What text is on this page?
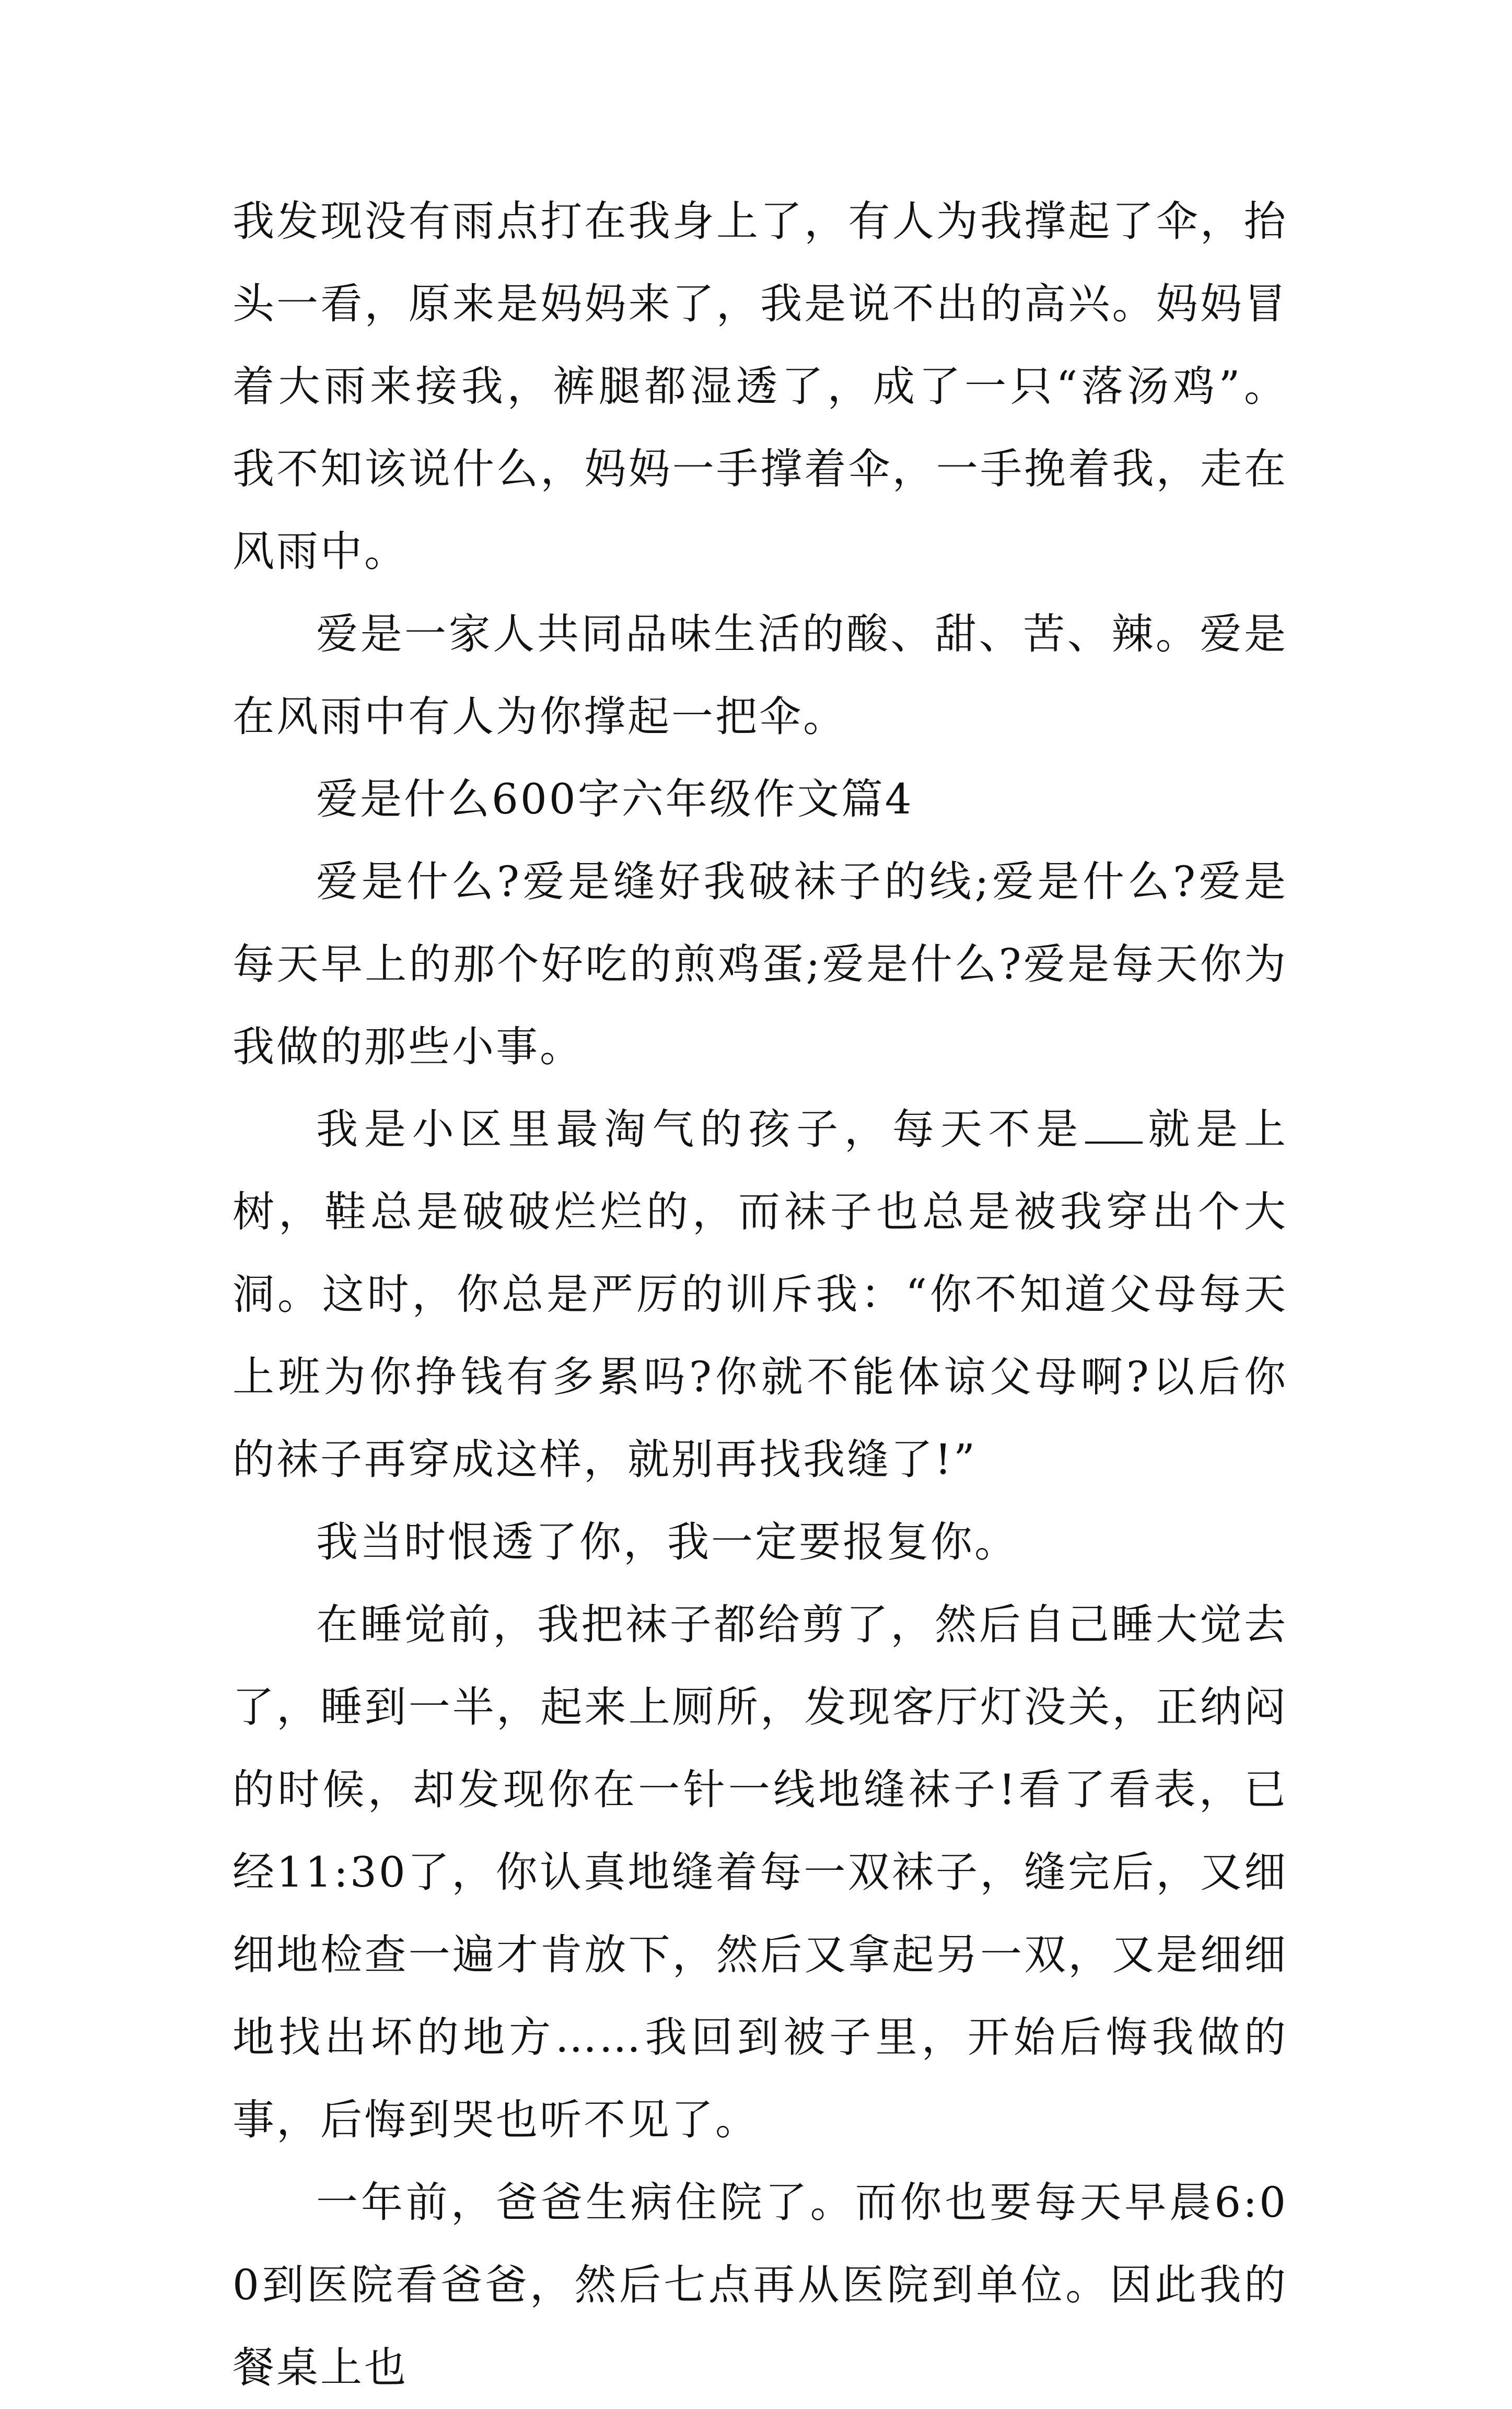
我发现没有雨点打在我身上了，有人为我撑起了伞，抬头一看，原来是妈妈来了，我是说不出的高兴。妈妈冒着大雨来接我，裤腿都湿透了，成了一只“落汤鸡”。我不知该说什么，妈妈一手撑着伞，一手挽着我，走在风雨中。

爱是一家人共同品味生活的酸、甜、苦、辣。爱是在风雨中有人为你撑起一把伞。

爱是什么600字六年级作文篇4

爱是什么?爱是缝好我破袜子的线;爱是什么?爱是每天早上的那个好吃的煎鸡蛋;爱是什么?爱是每天你为我做的那些小事。

我是小区里最淘气的孩子，每天不是 就是上树，鞋总是破破烂烂的，而袜子也总是被我穿出个大洞。这时，你总是严厉的训斥我：“你不知道父母每天上班为你挣钱有多累吗?你就不能体谅父母啊?以后你的袜子再穿成这样，就别再找我缝了!”

我当时恨透了你，我一定要报复你。

在睡觉前，我把袜子都给剪了，然后自己睡大觉去了，睡到一半，起来上厕所，发现客厅灯没关，正纳闷的时候，却发现你在一针一线地缝袜子!看了看表，已经11:30了，你认真地缝着每一双袜子，缝完后，又细细地检查一遍才肯放下，然后又拿起另一双，又是细细地找出坏的地方……我回到被子里，开始后悔我做的事，后悔到哭也听不见了。

一年前，爸爸生病住院了。而你也要每天早晨6:00到医院看爸爸，然后七点再从医院到单位。因此我的餐桌上也
